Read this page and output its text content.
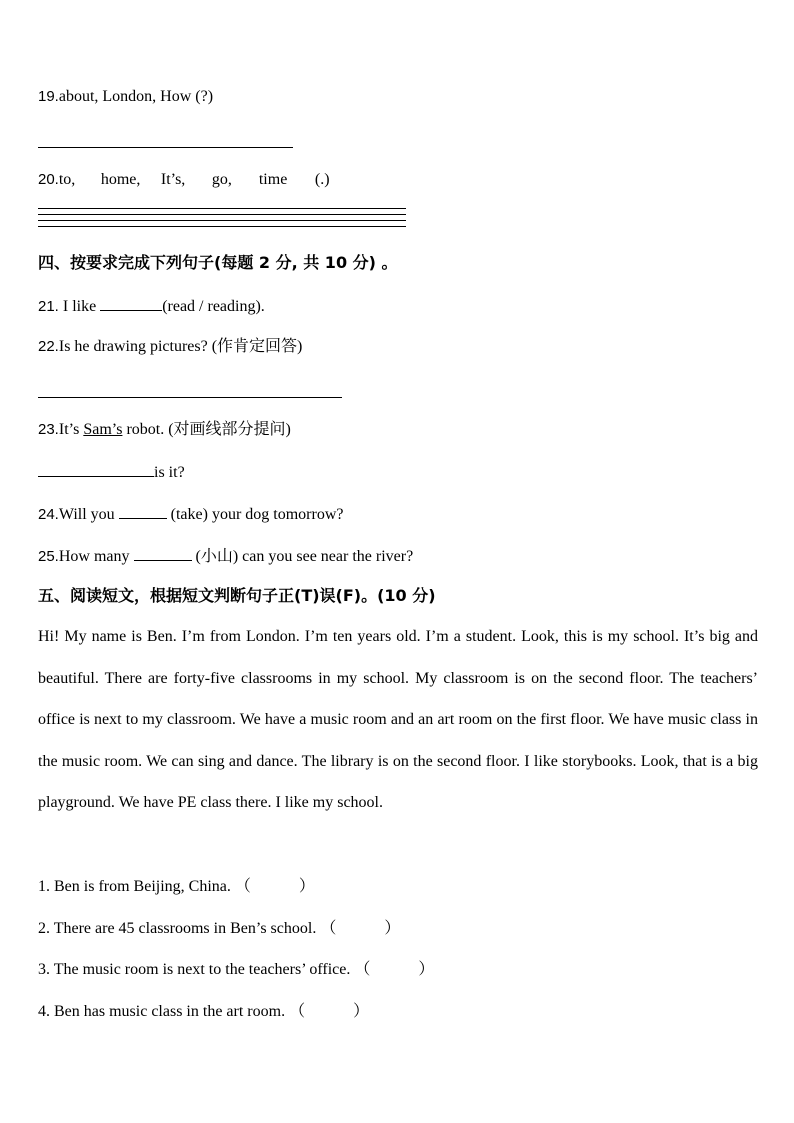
19.about, London, How (?)
20.to, home, It’s, go, time (.)
四、按要求完成下列句子(每题 2 分, 共 10 分) 。
21. I like	(read / reading).
22.Is he drawing pictures? (作肯定回答)
23.It’s Sam’s robot. (对画线部分提问)
is it?
24.Will you	(take) your dog tomorrow?
25.How many	(小山) can you see near the river?
五、阅读短文，根据短文判断句子正(T)误(F)。(10 分)
Hi! My name is Ben. I’m from London. I’m ten years old. I’m a student. Look, this is my school. It’s big and beautiful. There are forty-five classrooms in my school. My classroom is on the second floor. The teachers’ office is next to my classroom. We have a music room and an art room on the first floor. We have music class in the music room. We can sing and dance. The library is on the second floor. I like storybooks. Look, that is a big playground. We have PE class there. I like my school.
1. Ben is from Beijing, China. （　　　）
2. There are 45 classrooms in Ben’s school. （　　　）
3. The music room is next to the teachers’ office. （　　　）
4. Ben has music class in the art room. （　　　）
